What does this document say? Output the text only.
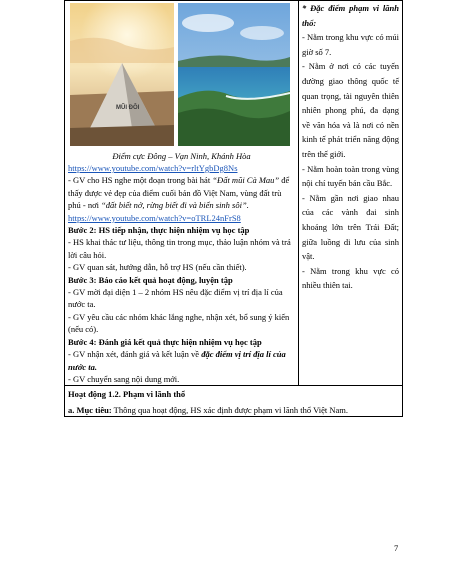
MŨI ĐÔI
Điểm cực Đông – Vạn Ninh, Khánh Hòa
https://www.youtube.com/watch?v=rltYgbDg8Ns
- GV cho HS nghe một đoạn trong bài hát “Đất mũi Cà Mau” để thấy được vẻ đẹp của điểm cuối bản đồ Việt Nam, vùng đất trù phú - nơi “đất biết nở, rừng biết đi và biển sinh sôi”.
https://www.youtube.com/watch?v=oTRL24nFrS8
Bước 2: HS tiếp nhận, thực hiện nhiệm vụ học tập
- HS khai thác tư liệu, thông tin trong mục, thảo luận nhóm và trả lời câu hỏi.
- GV quan sát, hướng dẫn, hỗ trợ HS (nếu cần thiết).
Bước 3: Báo cáo kết quả hoạt động, luyện tập
- GV mời đại diện 1 – 2 nhóm HS nêu đặc điểm vị trí địa lí của nước ta.
- GV yêu cầu các nhóm khác lắng nghe, nhận xét, bổ sung ý kiến (nếu có).
Bước 4: Đánh giá kết quả thực hiện nhiệm vụ học tập
- GV nhận xét, đánh giá và kết luận về đặc điểm vị trí địa lí của nước ta.
- GV chuyển sang nội dung mới.

* Đặc điểm phạm vi lãnh thổ:
- Nằm trong khu vực có múi giờ số 7.
- Nằm ở nơi có các tuyến đường giao thông quốc tế quan trọng, tài nguyên thiên nhiên phong phú, đa dạng về văn hóa và là nơi có nền kinh tế phát triển năng động trên thế giới.
- Nằm hoàn toàn trong vùng nội chí tuyến bán cầu Bắc.
- Nằm gần nơi giao nhau của các vành đai sinh khoáng lớn trên Trái Đất; giữa luồng di lưu của sinh vật.
- Nằm trong khu vực có nhiều thiên tai.

Hoạt động 1.2. Phạm vi lãnh thổ
a. Mục tiêu: Thông qua hoạt động, HS xác định được phạm vi lãnh thổ Việt Nam.
7
